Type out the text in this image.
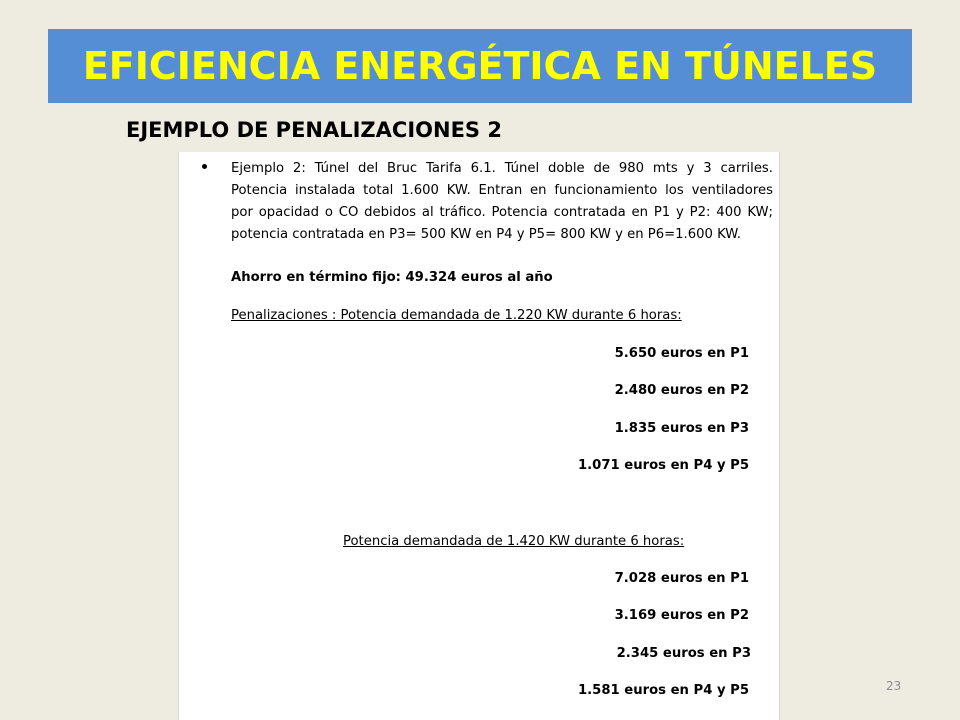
EFICIENCIA ENERGÉTICA EN TÚNELES
EJEMPLO DE PENALIZACIONES 2

Ejemplo 2: Túnel del Bruc Tarifa 6.1. Túnel doble de 980 mts y 3 carriles.
Potencia instalada total 1.600 KW. Entran en funcionamiento los ventiladores
por opacidad o CO debidos al tráfico. Potencia contratada en P1 y P2: 400 KW;
potencia contratada en P3= 500 KW en P4 y P5= 800 KW y en P6=1.600 KW.

Ahorro en término fijo: 49.324 euros al año
Penalizaciones : Potencia demandada de 1.220 KW durante 6 horas:
5.650 euros en P1
2.480 euros en P2
1.835 euros en P3
1.071 euros en P4 y P5
Potencia demandada de 1.420 KW durante 6 horas:
7.028 euros en P1
3.169 euros en P2
2.345 euros en P3
1.581 euros en P4 y P5	23
